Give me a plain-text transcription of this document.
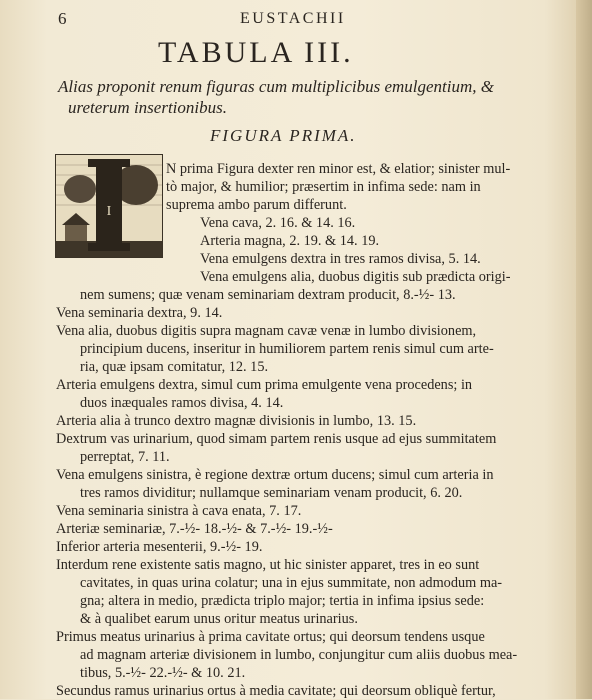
6	EUSTACHII
TABULA III.
Alias proponit renum figuras cum multiplicibus emulgentium, &
ureterum insertionibus.
FIGURA PRIMA.
I
N prima Figura dexter ren minor est, & elatior; sinister mul-
tò major, & humilior; præsertim in infima sede: nam in
suprema ambo parum differunt.
Vena cava, 2. 16. & 14. 16.
Arteria magna, 2. 19. & 14. 19.
Vena emulgens dextra in tres ramos divisa, 5. 14.
Vena emulgens alia, duobus digitis sub prædicta origi-
nem sumens; quæ venam seminariam dextram producit, 8.-½- 13.
Vena seminaria dextra, 9. 14.
Vena alia, duobus digitis supra magnam cavæ venæ in lumbo divisionem,
principium ducens, inseritur in humiliorem partem renis simul cum arte-
ria, quæ ipsam comitatur, 12. 15.
Arteria emulgens dextra, simul cum prima emulgente vena procedens; in
duos inæquales ramos divisa, 4. 14.
Arteria alia à trunco dextro magnæ divisionis in lumbo, 13. 15.
Dextrum vas urinarium, quod simam partem renis usque ad ejus summitatem
perreptat, 7. 11.
Vena emulgens sinistra, è regione dextræ ortum ducens; simul cum arteria in
tres ramos dividitur; nullamque seminariam venam producit, 6. 20.
Vena seminaria sinistra à cava enata, 7. 17.
Arteriæ seminariæ, 7.-½- 18.-½- & 7.-½- 19.-½-
Inferior arteria mesenterii, 9.-½- 19.
Interdum rene existente satis magno, ut hic sinister apparet, tres in eo sunt
cavitates, in quas urina colatur; una in ejus summitate, non admodum ma-
gna; altera in medio, prædicta triplo major; tertia in infima ipsius sede:
& à qualibet earum unus oritur meatus urinarius.
Primus meatus urinarius à prima cavitate ortus; qui deorsum tendens usque
ad magnam arteriæ divisionem in lumbo, conjungitur cum aliis duobus mea-
tibus, 5.-½- 22.-½- & 10. 21.
Secundus ramus urinarius ortus à media cavitate; qui deorsum obliquè fertur,
